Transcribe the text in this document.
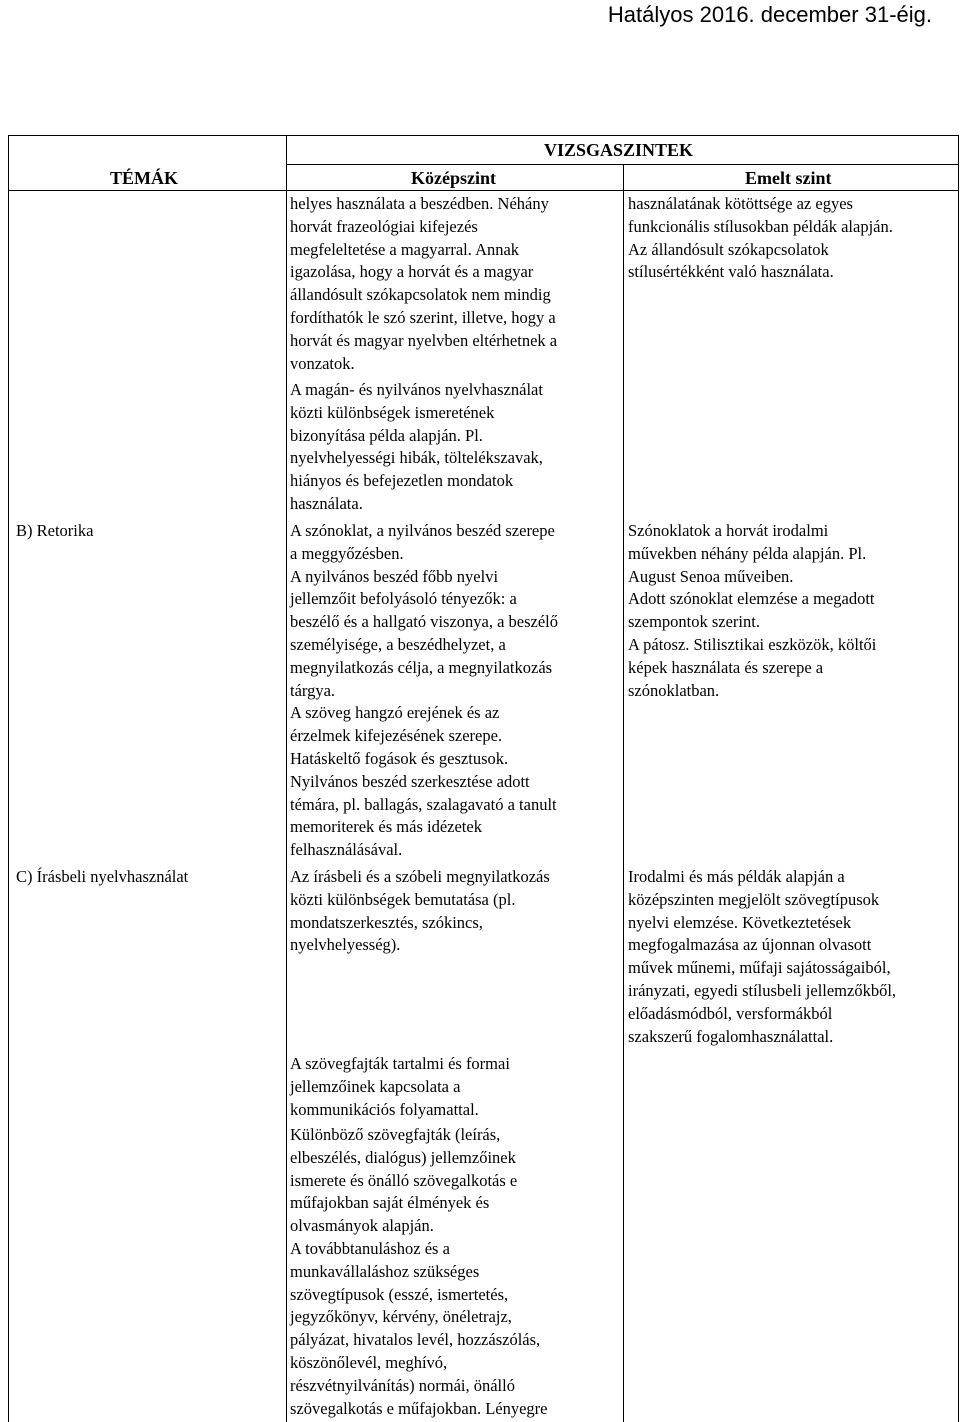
Hatályos 2016. december 31-éig.
VIZSGASZINTEK
TÉMÁK	Középszint	Emelt szint
B) Retorika
C) Írásbeli nyelvhasználat
helyes használata a beszédben. Néhány
horvát frazeológiai kifejezés
megfeleltetése a magyarral. Annak
igazolása, hogy a horvát és a magyar
állandósult szókapcsolatok nem mindig
fordíthatók le szó szerint, illetve, hogy a
horvát és magyar nyelvben eltérhetnek a
vonzatok.
A magán- és nyilvános nyelvhasználat
közti különbségek ismeretének
bizonyítása példa alapján. Pl.
nyelvhelyességi hibák, töltelékszavak,
hiányos és befejezetlen mondatok
használata.
használatának kötöttsége az egyes
funkcionális stílusokban példák alapján.
Az állandósult szókapcsolatok
stílusértékként való használata.
A szónoklat, a nyilvános beszéd szerepe
a meggyőzésben.
A nyilvános beszéd főbb nyelvi
jellemzőit befolyásoló tényezők: a
beszélő és a hallgató viszonya, a beszélő
személyisége, a beszédhelyzet, a
megnyilatkozás célja, a megnyilatkozás
tárgya.
A szöveg hangzó erejének és az
érzelmek kifejezésének szerepe.
Hatáskeltő fogások és gesztusok.
Nyilvános beszéd szerkesztése adott
témára, pl. ballagás, szalagavató a tanult
memoriterek és más idézetek
felhasználásával.
Szónoklatok a horvát irodalmi
művekben néhány példa alapján. Pl.
August Senoa műveiben.
Adott szónoklat elemzése a megadott
szempontok szerint.
A pátosz. Stilisztikai eszközök, költői
képek használata és szerepe a
szónoklatban.
Az írásbeli és a szóbeli megnyilatkozás
közti különbségek bemutatása (pl.
mondatszerkesztés, szókincs,
nyelvhelyesség).
A szövegfajták tartalmi és formai
jellemzőinek kapcsolata a
kommunikációs folyamattal.
Különböző szövegfajták (leírás,
elbeszélés, dialógus) jellemzőinek
ismerete és önálló szövegalkotás e
műfajokban saját élmények és
olvasmányok alapján.
A továbbtanuláshoz és a
munkavállaláshoz szükséges
szövegtípusok (esszé, ismertetés,
jegyzőkönyv, kérvény, önéletrajz,
pályázat, hivatalos levél, hozzászólás,
köszönőlevél, meghívó,
részvétnyilvánítás) normái, önálló
szövegalkotás e műfajokban. Lényegre
Irodalmi és más példák alapján a
középszinten megjelölt szövegtípusok
nyelvi elemzése. Következtetések
megfogalmazása az újonnan olvasott
művek műnemi, műfaji sajátosságaiból,
irányzati, egyedi stílusbeli jellemzőkből,
előadásmódból, versformákból
szakszerű fogalomhasználattal.
